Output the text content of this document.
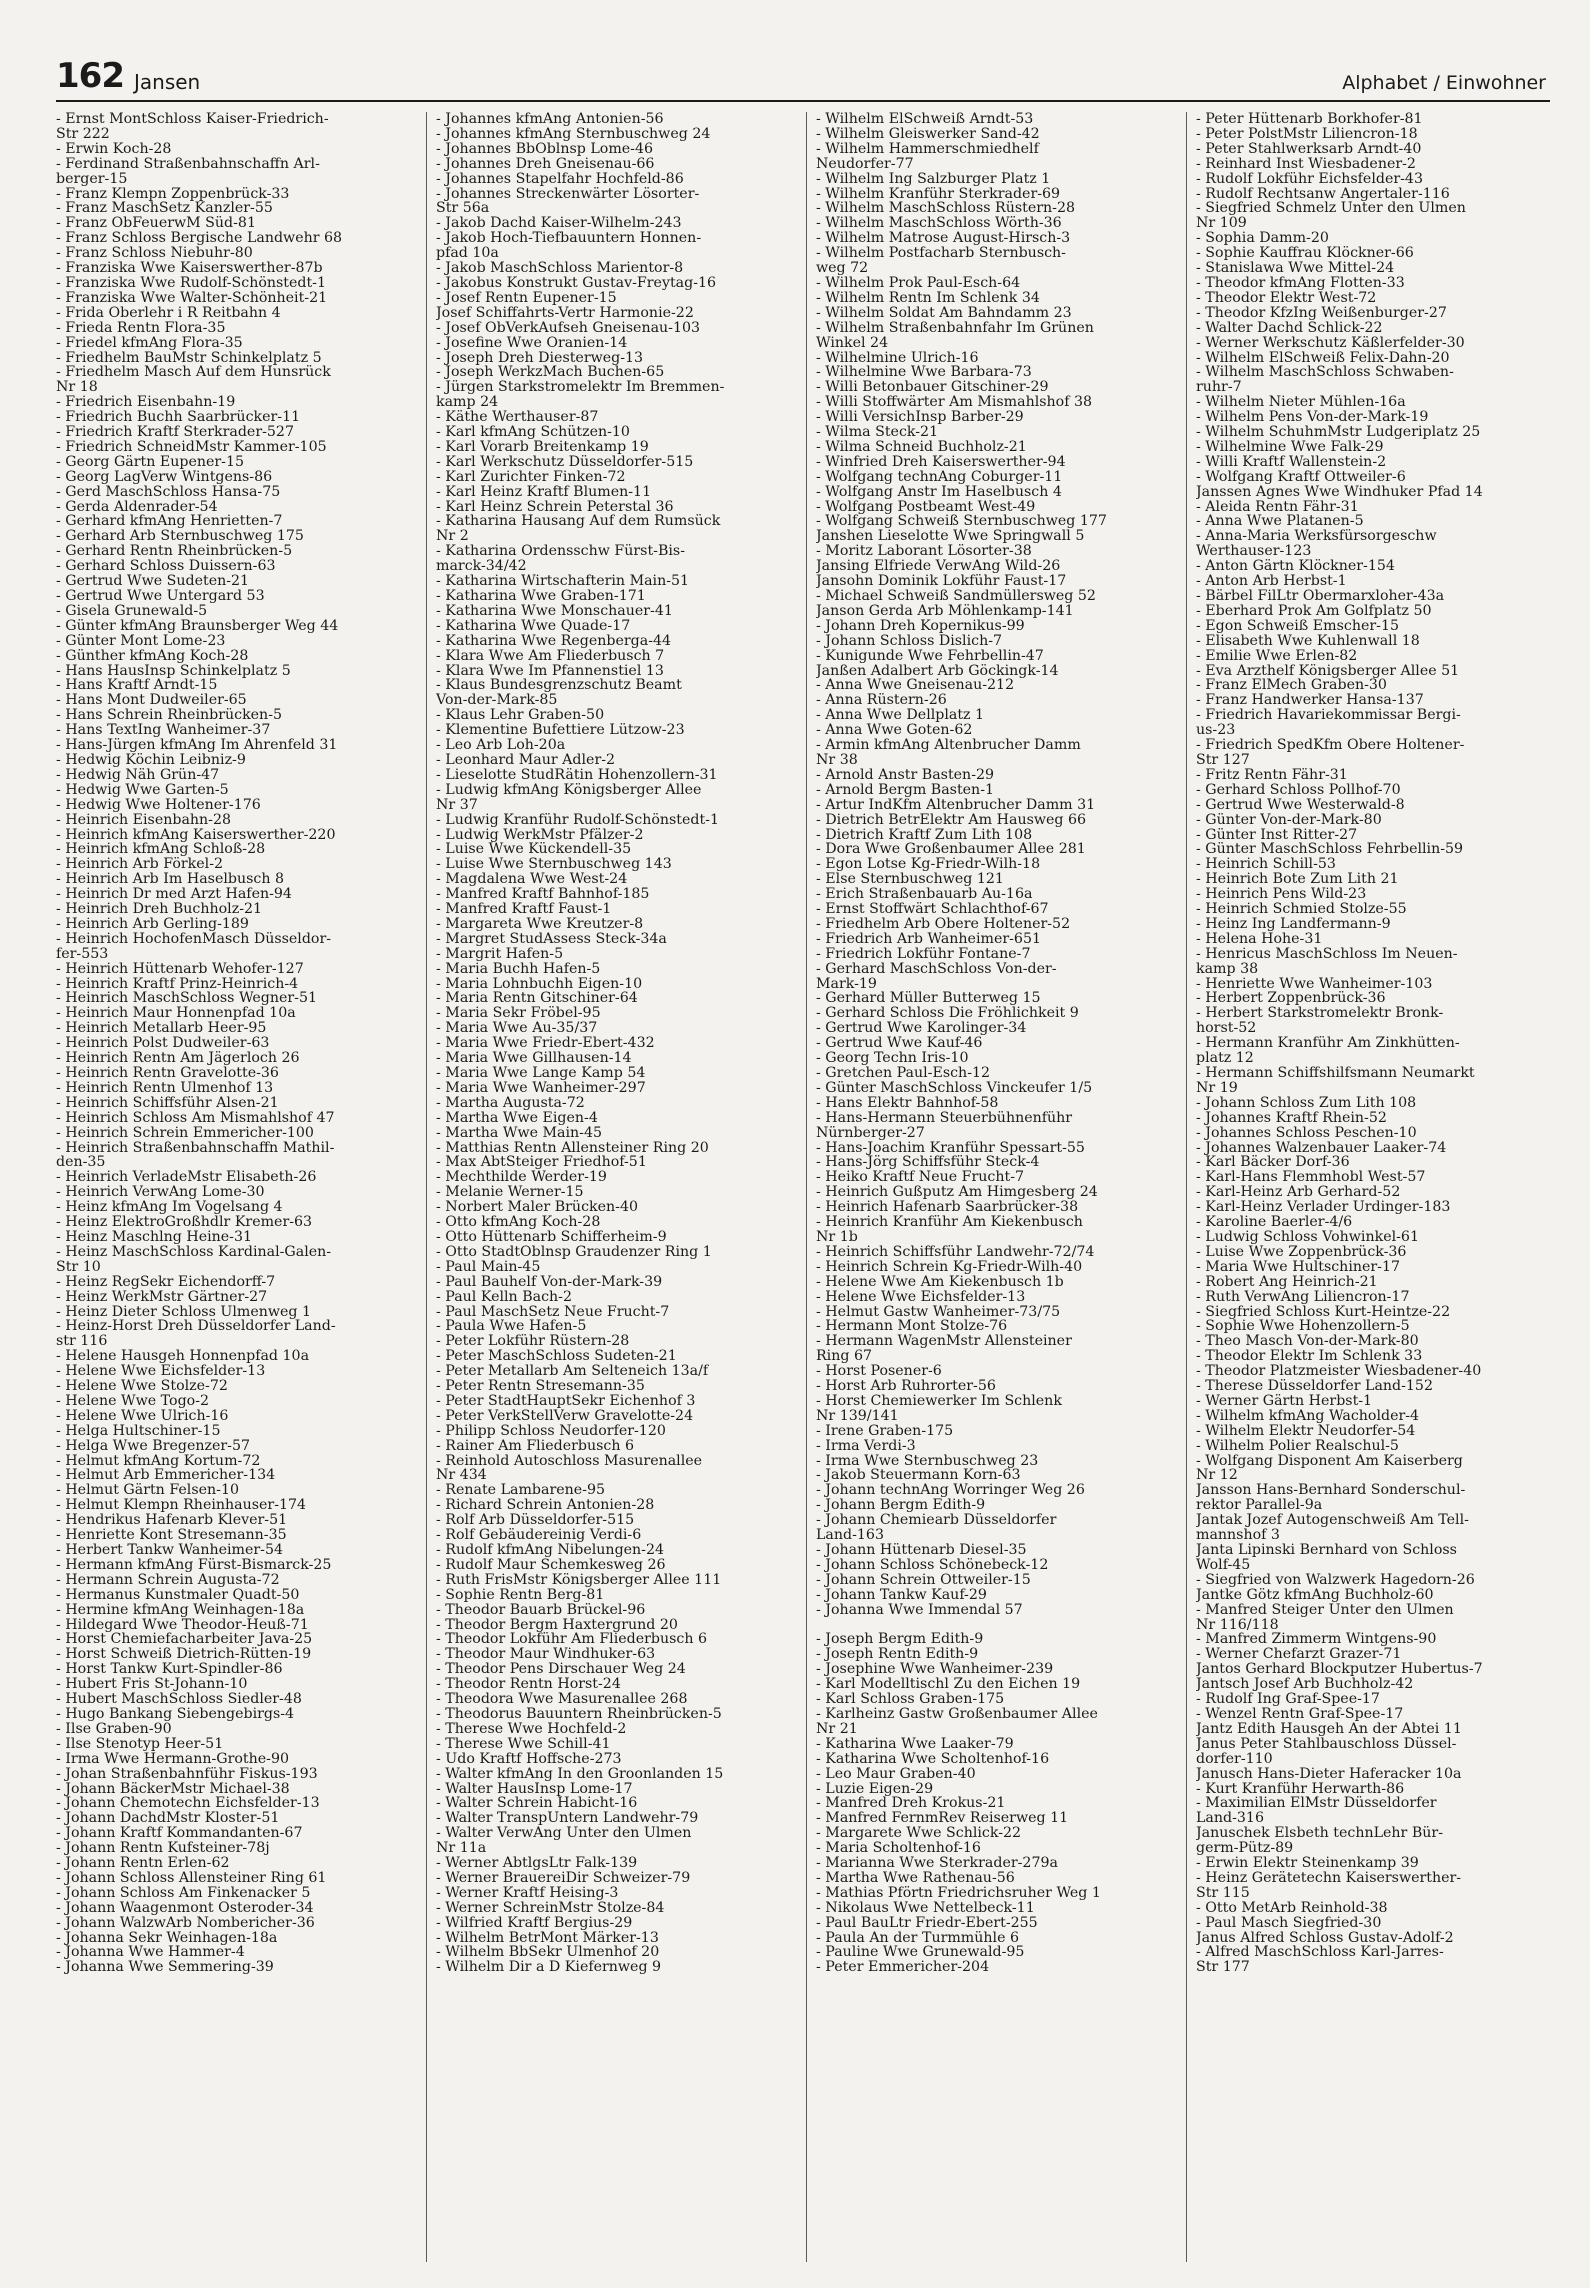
162 Jansen	Alphabet / Einwohner
- Ernst MontSchloss Kaiser-Friedrich-
Str 222
- Erwin Koch-28
- Ferdinand Straßenbahnschaffn Arl-
berger-15
- Franz Klempn Zoppenbrück-33
- Franz MaschSetz Kanzler-55
- Franz ObFeuerwM Süd-81
- Franz Schloss Bergische Landwehr 68
- Franz Schloss Niebuhr-80
- Franziska Wwe Kaiserswerther-87b
- Franziska Wwe Rudolf-Schönstedt-1
- Franziska Wwe Walter-Schönheit-21
- Frida Oberlehr i R Reitbahn 4
- Frieda Rentn Flora-35
- Friedel kfmAng Flora-35
- Friedhelm BauMstr Schinkelplatz 5
- Friedhelm Masch Auf dem Hunsrück
Nr 18
- Friedrich Eisenbahn-19
- Friedrich Buchh Saarbrücker-11
- Friedrich Kraftf Sterkrader-527
- Friedrich SchneidMstr Kammer-105
- Georg Gärtn Eupener-15
- Georg LagVerw Wintgens-86
- Gerd MaschSchloss Hansa-75
- Gerda Aldenrader-54
- Gerhard kfmAng Henrietten-7
- Gerhard Arb Sternbuschweg 175
- Gerhard Rentn Rheinbrücken-5
- Gerhard Schloss Duissern-63
- Gertrud Wwe Sudeten-21
- Gertrud Wwe Untergard 53
- Gisela Grunewald-5
- Günter kfmAng Braunsberger Weg 44
- Günter Mont Lome-23
- Günther kfmAng Koch-28
- Hans HausInsp Schinkelplatz 5
- Hans Kraftf Arndt-15
- Hans Mont Dudweiler-65
- Hans Schrein Rheinbrücken-5
- Hans TextIng Wanheimer-37
- Hans-Jürgen kfmAng Im Ährenfeld 31
- Hedwig Köchin Leibniz-9
- Hedwig Näh Grün-47
- Hedwig Wwe Garten-5
- Hedwig Wwe Holtener-176
- Heinrich Eisenbahn-28
- Heinrich kfmAng Kaiserswerther-220
- Heinrich kfmAng Schloß-28
- Heinrich Arb Förkel-2
- Heinrich Arb Im Haselbusch 8
- Heinrich Dr med Arzt Hafen-94
- Heinrich Dreh Buchholz-21
- Heinrich Arb Gerling-189
- Heinrich HochofenMasch Düsseldor-
fer-553
- Heinrich Hüttenarb Wehofer-127
- Heinrich Kraftf Prinz-Heinrich-4
- Heinrich MaschSchloss Wegner-51
- Heinrich Maur Honnenpfad 10a
- Heinrich Metallarb Heer-95
- Heinrich Polst Dudweiler-63
- Heinrich Rentn Am Jägerloch 26
- Heinrich Rentn Gravelotte-36
- Heinrich Rentn Ulmenhof 13
- Heinrich Schiffsführ Alsen-21
- Heinrich Schloss Am Mismahlshof 47
- Heinrich Schrein Emmericher-100
- Heinrich Straßenbahnschaffn Mathil-
den-35
- Heinrich VerladeMstr Elisabeth-26
- Heinrich VerwAng Lome-30
- Heinz kfmAng Im Vogelsang 4
- Heinz ElektroGroßhdlr Kremer-63
- Heinz Maschlng Heine-31
- Heinz MaschSchloss Kardinal-Galen-
Str 10
- Heinz RegSekr Eichendorff-7
- Heinz WerkMstr Gärtner-27
- Heinz Dieter Schloss Ulmenweg 1
- Heinz-Horst Dreh Düsseldorfer Land-
str 116
- Helene Hausgeh Honnenpfad 10a
- Helene Wwe Eichsfelder-13
- Helene Wwe Stolze-72
- Helene Wwe Togo-2
- Helene Wwe Ulrich-16
- Helga Hultschiner-15
- Helga Wwe Bregenzer-57
- Helmut kfmAng Kortum-72
- Helmut Arb Emmericher-134
- Helmut Gärtn Felsen-10
- Helmut Klempn Rheinhauser-174
- Hendrikus Hafenarb Klever-51
- Henriette Kont Stresemann-35
- Herbert Tankw Wanheimer-54
- Hermann kfmAng Fürst-Bismarck-25
- Hermann Schrein Augusta-72
- Hermanus Kunstmaler Quadt-50
- Hermine kfmAng Weinhagen-18a
- Hildegard Wwe Theodor-Heuß-71
- Horst Chemiefacharbeiter Java-25
- Horst Schweiß Dietrich-Rütten-19
- Horst Tankw Kurt-Spindler-86
- Hubert Fris St-Johann-10
- Hubert MaschSchloss Siedler-48
- Hugo Bankang Siebengebirgs-4
- Ilse Graben-90
- Ilse Stenotyp Heer-51
- Irma Wwe Hermann-Grothe-90
- Johan Straßenbahnführ Fiskus-193
- Johann BäckerMstr Michael-38
- Johann Chemotechn Eichsfelder-13
- Johann DachdMstr Kloster-51
- Johann Kraftf Kommandanten-67
- Johann Rentn Kufsteiner-78j
- Johann Rentn Erlen-62
- Johann Schloss Allensteiner Ring 61
- Johann Schloss Am Finkenacker 5
- Johann Waagenmont Osteroder-34
- Johann WalzwArb Nombericher-36
- Johanna Sekr Weinhagen-18a
- Johanna Wwe Hammer-4
- Johanna Wwe Semmering-39
- Johannes kfmAng Antonien-56
- Johannes kfmAng Sternbuschweg 24
- Johannes BbOblnsp Lome-46
- Johannes Dreh Gneisenau-66
- Johannes Stapelfahr Hochfeld-86
- Johannes Streckenwärter Lösorter-
Str 56a
- Jakob Dachd Kaiser-Wilhelm-243
- Jakob Hoch-Tiefbauuntern Honnen-
pfad 10a
- Jakob MaschSchloss Marientor-8
- Jakobus Konstrukt Gustav-Freytag-16
- Josef Rentn Eupener-15
Josef Schiffahrts-Vertr Harmonie-22
- Josef ObVerkAufseh Gneisenau-103
- Josefine Wwe Oranien-14
- Joseph Dreh Diesterweg-13
- Joseph WerkzMach Buchen-65
- Jürgen Starkstromelektr Im Bremmen-
kamp 24
- Käthe Werthauser-87
- Karl kfmAng Schützen-10
- Karl Vorarb Breitenkamp 19
- Karl Werkschutz Düsseldorfer-515
- Karl Zurichter Finken-72
- Karl Heinz Kraftf Blumen-11
- Karl Heinz Schrein Peterstal 36
- Katharina Hausang Auf dem Rumsück
Nr 2
- Katharina Ordensschw Fürst-Bis-
marck-34/42
- Katharina Wirtschafterin Main-51
- Katharina Wwe Graben-171
- Katharina Wwe Monschauer-41
- Katharina Wwe Quade-17
- Katharina Wwe Regenberga-44
- Klara Wwe Am Fliederbusch 7
- Klara Wwe Im Pfannenstiel 13
- Klaus Bundesgrenzschutz Beamt
Von-der-Mark-85
- Klaus Lehr Graben-50
- Klementine Bufettiere Lützow-23
- Leo Arb Loh-20a
- Leonhard Maur Adler-2
- Lieselotte StudRätin Hohenzollern-31
- Ludwig kfmAng Königsberger Allee
Nr 37
- Ludwig Kranführ Rudolf-Schönstedt-1
- Ludwig WerkMstr Pfälzer-2
- Luise Wwe Kückendell-35
- Luise Wwe Sternbuschweg 143
- Magdalena Wwe West-24
- Manfred Kraftf Bahnhof-185
- Manfred Kraftf Faust-1
- Margareta Wwe Kreutzer-8
- Margret StudAssess Steck-34a
- Margrit Hafen-5
- Maria Buchh Hafen-5
- Maria Lohnbuchh Eigen-10
- Maria Rentn Gitschiner-64
- Maria Sekr Fröbel-95
- Maria Wwe Au-35/37
- Maria Wwe Friedr-Ebert-432
- Maria Wwe Gillhausen-14
- Maria Wwe Lange Kamp 54
- Maria Wwe Wanheimer-297
- Martha Augusta-72
- Martha Wwe Eigen-4
- Martha Wwe Main-45
- Matthias Rentn Allensteiner Ring 20
- Max AbtSteiger Friedhof-51
- Mechthilde Werder-19
- Melanie Werner-15
- Norbert Maler Brücken-40
- Otto kfmAng Koch-28
- Otto Hüttenarb Schifferheim-9
- Otto StadtOblnsp Graudenzer Ring 1
- Paul Main-45
- Paul Bauhelf Von-der-Mark-39
- Paul Kelln Bach-2
- Paul MaschSetz Neue Frucht-7
- Paula Wwe Hafen-5
- Peter Lokführ Rüstern-28
- Peter MaschSchloss Sudeten-21
- Peter Metallarb Am Selteneich 13a/f
- Peter Rentn Stresemann-35
- Peter StadtHauptSekr Eichenhof 3
- Peter VerkStellVerw Gravelotte-24
- Philipp Schloss Neudorfer-120
- Rainer Am Fliederbusch 6
- Reinhold Autoschloss Masurenallee
Nr 434
- Renate Lambarene-95
- Richard Schrein Antonien-28
- Rolf Arb Düsseldorfer-515
- Rolf Gebäudereinig Verdi-6
- Rudolf kfmAng Nibelungen-24
- Rudolf Maur Schemkesweg 26
- Ruth FrisMstr Königsberger Allee 111
- Sophie Rentn Berg-81
- Theodor Bauarb Brückel-96
- Theodor Bergm Haxtergrund 20
- Theodor Lokführ Am Fliederbusch 6
- Theodor Maur Windhuker-63
- Theodor Pens Dirschauer Weg 24
- Theodor Rentn Horst-24
- Theodora Wwe Masurenallee 268
- Theodorus Bauuntern Rheinbrücken-5
- Therese Wwe Hochfeld-2
- Therese Wwe Schill-41
- Udo Kraftf Hoffsche-273
- Walter kfmAng In den Groonlanden 15
- Walter HausInsp Lome-17
- Walter Schrein Habicht-16
- Walter TranspUntern Landwehr-79
- Walter VerwAng Unter den Ulmen
Nr 11a
- Werner AbtlgsLtr Falk-139
- Werner BrauereiDir Schweizer-79
- Werner Kraftf Heising-3
- Werner SchreinMstr Stolze-84
- Wilfried Kraftf Bergius-29
- Wilhelm BetrMont Märker-13
- Wilhelm BbSekr Ulmenhof 20
- Wilhelm Dir a D Kiefernweg 9
- Wilhelm ElSchweiß Arndt-53
- Wilhelm Gleiswerker Sand-42
- Wilhelm Hammerschmiedhelf
Neudorfer-77
- Wilhelm Ing Salzburger Platz 1
- Wilhelm Kranführ Sterkrader-69
- Wilhelm MaschSchloss Rüstern-28
- Wilhelm MaschSchloss Wörth-36
- Wilhelm Matrose August-Hirsch-3
- Wilhelm Postfacharb Sternbusch-
weg 72
- Wilhelm Prok Paul-Esch-64
- Wilhelm Rentn Im Schlenk 34
- Wilhelm Soldat Am Bahndamm 23
- Wilhelm Straßenbahnfahr Im Grünen
Winkel 24
- Wilhelmine Ulrich-16
- Wilhelmine Wwe Barbara-73
- Willi Betonbauer Gitschiner-29
- Willi Stoffwärter Am Mismahlshof 38
- Willi VersichInsp Barber-29
- Wilma Steck-21
- Wilma Schneid Buchholz-21
- Winfried Dreh Kaiserswerther-94
- Wolfgang technAng Coburger-11
- Wolfgang Anstr Im Haselbusch 4
- Wolfgang Postbeamt West-49
- Wolfgang Schweiß Sternbuschweg 177
Janshen Lieselotte Wwe Springwall 5
- Moritz Laborant Lösorter-38
Jansing Elfriede VerwAng Wild-26
Jansohn Dominik Lokführ Faust-17
- Michael Schweiß Sandmüllersweg 52
Janson Gerda Arb Möhlenkamp-141
- Johann Dreh Kopernikus-99
- Johann Schloss Dislich-7
- Kunigunde Wwe Fehrbellin-47
Janßen Adalbert Arb Göckingk-14
- Anna Wwe Gneisenau-212
- Anna Rüstern-26
- Anna Wwe Dellplatz 1
- Anna Wwe Goten-62
- Armin kfmAng Altenbrucher Damm
Nr 38
- Arnold Anstr Basten-29
- Arnold Bergm Basten-1
- Artur IndKfm Altenbrucher Damm 31
- Dietrich BetrElektr Am Hausweg 66
- Dietrich Kraftf Zum Lith 108
- Dora Wwe Großenbaumer Allee 281
- Egon Lotse Kg-Friedr-Wilh-18
- Else Sternbuschweg 121
- Erich Straßenbauarb Au-16a
- Ernst Stoffwärt Schlachthof-67
- Friedhelm Arb Obere Holtener-52
- Friedrich Arb Wanheimer-651
- Friedrich Lokführ Fontane-7
- Gerhard MaschSchloss Von-der-
Mark-19
- Gerhard Müller Butterweg 15
- Gerhard Schloss Die Fröhlichkeit 9
- Gertrud Wwe Karolinger-34
- Gertrud Wwe Kauf-46
- Georg Techn Iris-10
- Gretchen Paul-Esch-12
- Günter MaschSchloss Vinckeufer 1/5
- Hans Elektr Bahnhof-58
- Hans-Hermann Steuerbühnenführ
Nürnberger-27
- Hans-Joachim Kranführ Spessart-55
- Hans-Jörg Schiffsführ Steck-4
- Heiko Kraftf Neue Frucht-7
- Heinrich Gußputz Am Himgesberg 24
- Heinrich Hafenarb Saarbrücker-38
- Heinrich Kranführ Am Kiekenbusch
Nr 1b
- Heinrich Schiffsführ Landwehr-72/74
- Heinrich Schrein Kg-Friedr-Wilh-40
- Helene Wwe Am Kiekenbusch 1b
- Helene Wwe Eichsfelder-13
- Helmut Gastw Wanheimer-73/75
- Hermann Mont Stolze-76
- Hermann WagenMstr Allensteiner
Ring 67
- Horst Posener-6
- Horst Arb Ruhrorter-56
- Horst Chemiewerker Im Schlenk
Nr 139/141
- Irene Graben-175
- Irma Verdi-3
- Irma Wwe Sternbuschweg 23
- Jakob Steuermann Korn-63
- Johann technAng Worringer Weg 26
- Johann Bergm Edith-9
- Johann Chemiearb Düsseldorfer
Land-163
- Johann Hüttenarb Diesel-35
- Johann Schloss Schönebeck-12
- Johann Schrein Ottweiler-15
- Johann Tankw Kauf-29
- Johanna Wwe Immendal 57

- Joseph Bergm Edith-9
- Joseph Rentn Edith-9
- Josephine Wwe Wanheimer-239
- Karl Modelltischl Zu den Eichen 19
- Karl Schloss Graben-175
- Karlheinz Gastw Großenbaumer Allee
Nr 21
- Katharina Wwe Laaker-79
- Katharina Wwe Scholtenhof-16
- Leo Maur Graben-40
- Luzie Eigen-29
- Manfred Dreh Krokus-21
- Manfred FernmRev Reiserweg 11
- Margarete Wwe Schlick-22
- Maria Scholtenhof-16
- Marianna Wwe Sterkrader-279a
- Martha Wwe Rathenau-56
- Mathias Pförtn Friedrichsruher Weg 1
- Nikolaus Wwe Nettelbeck-11
- Paul BauLtr Friedr-Ebert-255
- Paula An der Turmmühle 6
- Pauline Wwe Grunewald-95
- Peter Emmericher-204
- Peter Hüttenarb Borkhofer-81
- Peter PolstMstr Liliencron-18
- Peter Stahlwerksarb Arndt-40
- Reinhard Inst Wiesbadener-2
- Rudolf Lokführ Eichsfelder-43
- Rudolf Rechtsanw Angertaler-116
- Siegfried Schmelz Unter den Ulmen
Nr 109
- Sophia Damm-20
- Sophie Kauffrau Klöckner-66
- Stanislawa Wwe Mittel-24
- Theodor kfmAng Flotten-33
- Theodor Elektr West-72
- Theodor KfzIng Weißenburger-27
- Walter Dachd Schlick-22
- Werner Werkschutz Käßlerfelder-30
- Wilhelm ElSchweiß Felix-Dahn-20
- Wilhelm MaschSchloss Schwaben-
ruhr-7
- Wilhelm Nieter Mühlen-16a
- Wilhelm Pens Von-der-Mark-19
- Wilhelm SchuhmMstr Ludgeriplatz 25
- Wilhelmine Wwe Falk-29
- Willi Kraftf Wallenstein-2
- Wolfgang Kraftf Ottweiler-6
Janssen Agnes Wwe Windhuker Pfad 14
- Aleida Rentn Fähr-31
- Anna Wwe Platanen-5
- Anna-Maria Werksfürsorgeschw
Werthauser-123
- Anton Gärtn Klöckner-154
- Anton Arb Herbst-1
- Bärbel FilLtr Obermarxloher-43a
- Eberhard Prok Am Golfplatz 50
- Egon Schweiß Emscher-15
- Elisabeth Wwe Kuhlenwall 18
- Emilie Wwe Erlen-82
- Eva Arzthelf Königsberger Allee 51
- Franz ElMech Graben-30
- Franz Handwerker Hansa-137
- Friedrich Havariekommissar Bergi-
us-23
- Friedrich SpedKfm Obere Holtener-
Str 127
- Fritz Rentn Fähr-31
- Gerhard Schloss Pollhof-70
- Gertrud Wwe Westerwald-8
- Günter Von-der-Mark-80
- Günter Inst Ritter-27
- Günter MaschSchloss Fehrbellin-59
- Heinrich Schill-53
- Heinrich Bote Zum Lith 21
- Heinrich Pens Wild-23
- Heinrich Schmied Stolze-55
- Heinz Ing Landfermann-9
- Helena Hohe-31
- Henricus MaschSchloss Im Neuen-
kamp 38
- Henriette Wwe Wanheimer-103
- Herbert Zoppenbrück-36
- Herbert Starkstromelektr Bronk-
horst-52
- Hermann Kranführ Am Zinkhütten-
platz 12
- Hermann Schiffshilfsmann Neumarkt
Nr 19
- Johann Schloss Zum Lith 108
- Johannes Kraftf Rhein-52
- Johannes Schloss Peschen-10
- Johannes Walzenbauer Laaker-74
- Karl Bäcker Dorf-36
- Karl-Hans Flemmhobl West-57
- Karl-Heinz Arb Gerhard-52
- Karl-Heinz Verlader Ürdinger-183
- Karoline Baerler-4/6
- Ludwig Schloss Vohwinkel-61
- Luise Wwe Zoppenbrück-36
- Maria Wwe Hultschiner-17
- Robert Ang Heinrich-21
- Ruth VerwAng Liliencron-17
- Siegfried Schloss Kurt-Heintze-22
- Sophie Wwe Hohenzollern-5
- Theo Masch Von-der-Mark-80
- Theodor Elektr Im Schlenk 33
- Theodor Platzmeister Wiesbadener-40
- Therese Düsseldorfer Land-152
- Werner Gärtn Herbst-1
- Wilhelm kfmAng Wacholder-4
- Wilhelm Elektr Neudorfer-54
- Wilhelm Polier Realschul-5
- Wolfgang Disponent Am Kaiserberg
Nr 12
Jansson Hans-Bernhard Sonderschul-
rektor Parallel-9a
Jantak Jozef Autogenschweiß Am Tell-
mannshof 3
Janta Lipinski Bernhard von Schloss
Wolf-45
- Siegfried von Walzwerk Hagedorn-26
Jantke Götz kfmAng Buchholz-60
- Manfred Steiger Unter den Ulmen
Nr 116/118
- Manfred Zimmerm Wintgens-90
- Werner Chefarzt Grazer-71
Jantos Gerhard Blockputzer Hubertus-7
Jantsch Josef Arb Buchholz-42
- Rudolf Ing Graf-Spee-17
- Wenzel Rentn Graf-Spee-17
Jantz Edith Hausgeh An der Abtei 11
Janus Peter Stahlbauschloss Düssel-
dorfer-110
Janusch Hans-Dieter Haferacker 10a
- Kurt Kranführ Herwarth-86
- Maximilian ElMstr Düsseldorfer
Land-316
Januschek Elsbeth technLehr Bür-
germ-Pütz-89
- Erwin Elektr Steinenkamp 39
- Heinz Gerätetechn Kaiserswerther-
Str 115
- Otto MetArb Reinhold-38
- Paul Masch Siegfried-30
Janus Alfred Schloss Gustav-Adolf-2
- Alfred MaschSchloss Karl-Jarres-
Str 177
